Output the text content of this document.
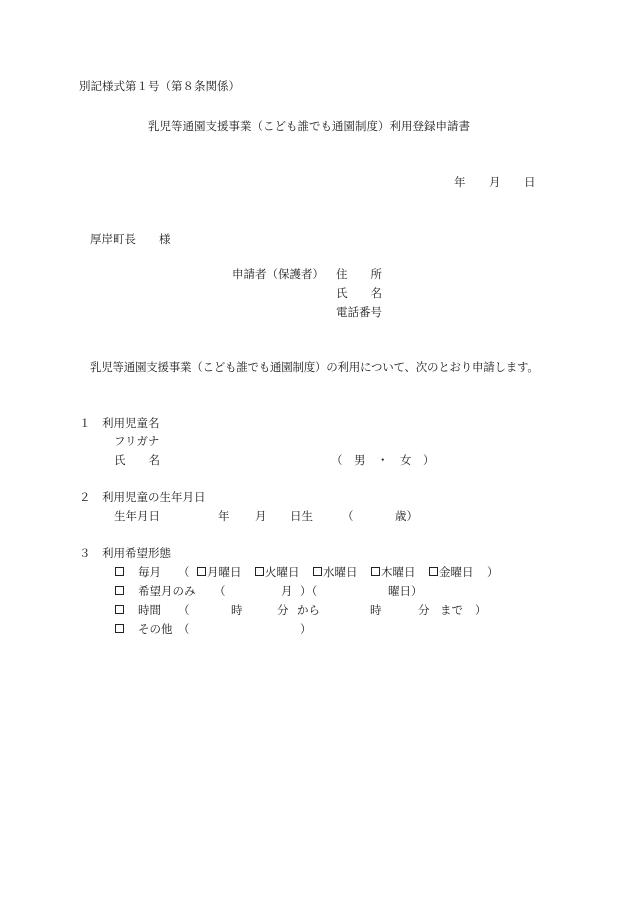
別記様式第１号（第８条関係）
乳児等通園支援事業（こども誰でも通園制度）利用登録申請書
年 月 日
厚岸町長　　様
申請者（保護者） 住　　所
氏　　名
電話番号
乳児等通園支援事業（こども誰でも通園制度）の利用について、次のとおり申請します。
１　利用児童名
フリガナ
氏　　名	（　男　・　女　）
２　利用児童の生年月日
生年月日	年 月 日生	（	歳）
３　利用希望形態
毎月 （ 月曜日 火曜日 水曜日 木曜日 金曜日 ）
希望月のみ （	月 ）（	曜日）
時間 （	時	分 から	時	分 まで ）
その他 （	）
